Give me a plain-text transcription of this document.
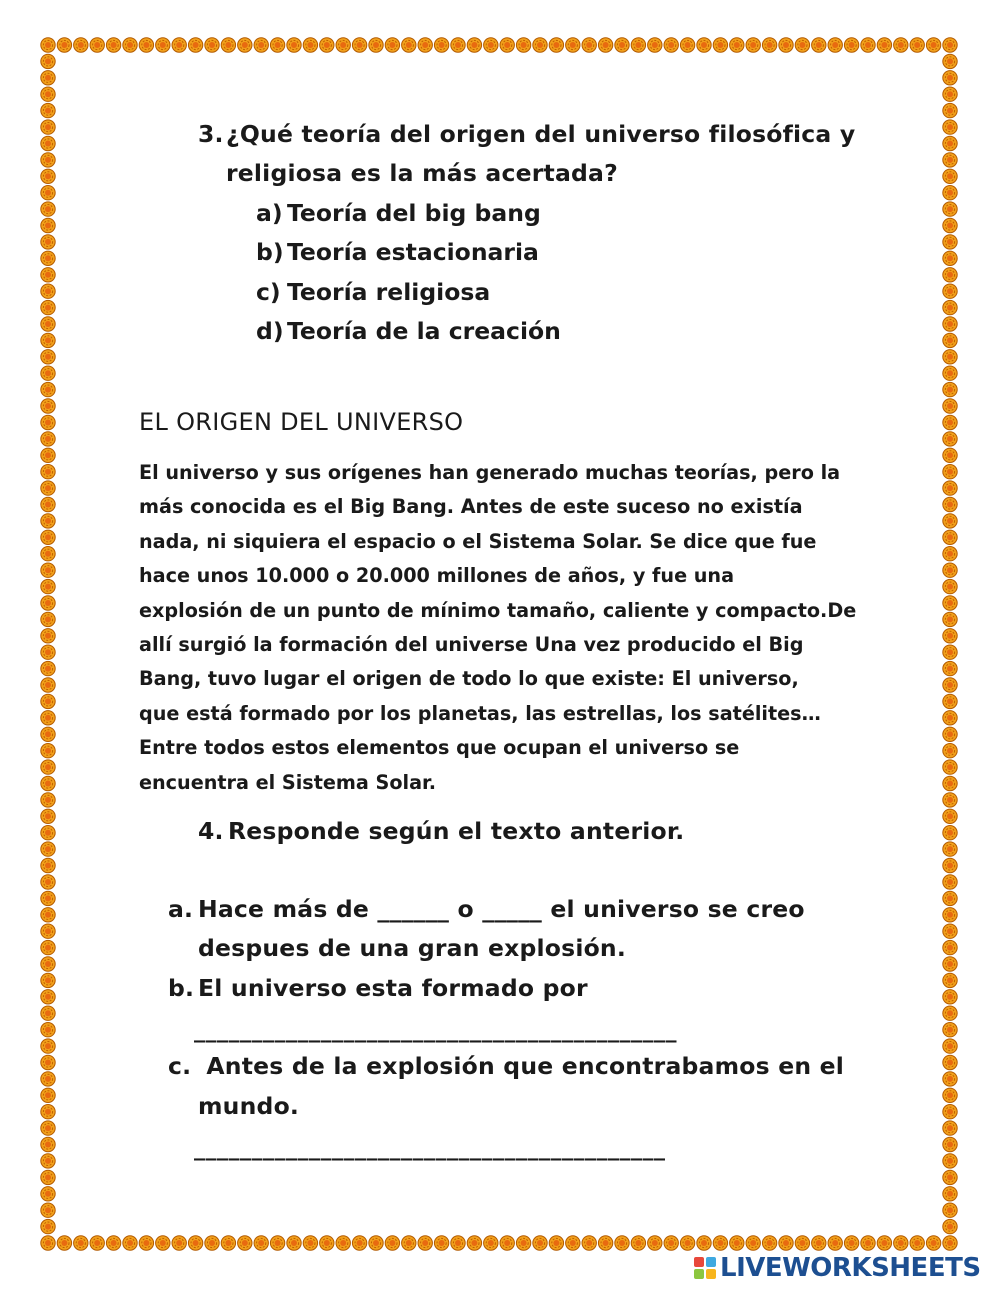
3. ¿Qué teoría del origen del universo filosófica y
religiosa es la más acertada?
a) Teoría del big bang
b) Teoría estacionaria
c) Teoría religiosa
d) Teoría de la creación
EL ORIGEN DEL UNIVERSO
El universo y sus orígenes han generado muchas teorías, pero la
más conocida es el Big Bang. Antes de este suceso no existía
nada, ni siquiera el espacio o el Sistema Solar. Se dice que fue
hace unos 10.000 o 20.000 millones de años, y fue una
explosión de un punto de mínimo tamaño, caliente y compacto.De
allí surgió la formación del universe Una vez producido el Big
Bang, tuvo lugar el origen de todo lo que existe: El universo,
que está formado por los planetas, las estrellas, los satélites…
Entre todos estos elementos que ocupan el universo se
encuentra el Sistema Solar.
4. Responde según el texto anterior.
a. Hace más de ______ o _____ el universo se creo
despues de una gran explosión.
b. El universo esta formado por
__________________________________________
c. Antes de la explosión que encontrabamos en el
mundo.
_________________________________________
LIVEWORKSHEETS
